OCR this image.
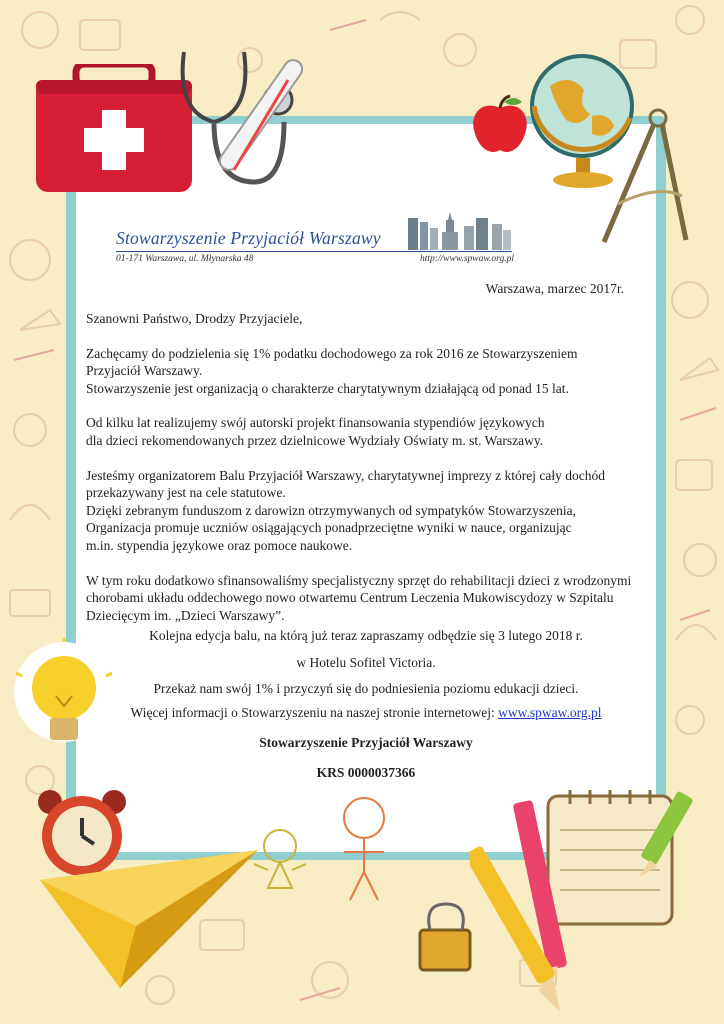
Stowarzyszenie Przyjaciół Warszawy
01-171 Warszawa, ul. Młynarska 48	http://www.spwaw.org.pl
Warszawa, marzec 2017r.

Szanowni Państwo, Drodzy Przyjaciele,

Zachęcamy do podzielenia się 1% podatku dochodowego za rok 2016 ze Stowarzyszeniem

Przyjaciół Warszawy.

Stowarzyszenie jest organizacją o charakterze charytatywnym działającą od ponad 15 lat.

Od kilku lat realizujemy swój autorski projekt finansowania stypendiów językowych

dla dzieci rekomendowanych przez dzielnicowe Wydziały Oświaty m. st. Warszawy.

Jesteśmy organizatorem Balu Przyjaciół Warszawy, charytatywnej imprezy z której cały dochód

przekazywany jest na cele statutowe.

Dzięki zebranym funduszom z darowizn otrzymywanych od sympatyków Stowarzyszenia,

Organizacja promuje uczniów osiągających ponadprzeciętne wyniki w nauce, organizując

m.in. stypendia językowe oraz pomoce naukowe.

W tym roku dodatkowo sfinansowaliśmy specjalistyczny sprzęt do rehabilitacji dzieci z wrodzonymi

chorobami układu oddechowego nowo otwartemu Centrum Leczenia Mukowiscydozy w Szpitalu

Dziecięcym im. „Dzieci Warszawy”.

Kolejna edycja balu, na którą już teraz zapraszamy odbędzie się 3 lutego 2018 r.
w Hotelu Sofitel Victoria.
Przekaż nam swój 1% i przyczyń się do podniesienia poziomu edukacji dzieci.
Więcej informacji o Stowarzyszeniu na naszej stronie internetowej: www.spwaw.org.pl
Stowarzyszenie Przyjaciół Warszawy
KRS 0000037366
